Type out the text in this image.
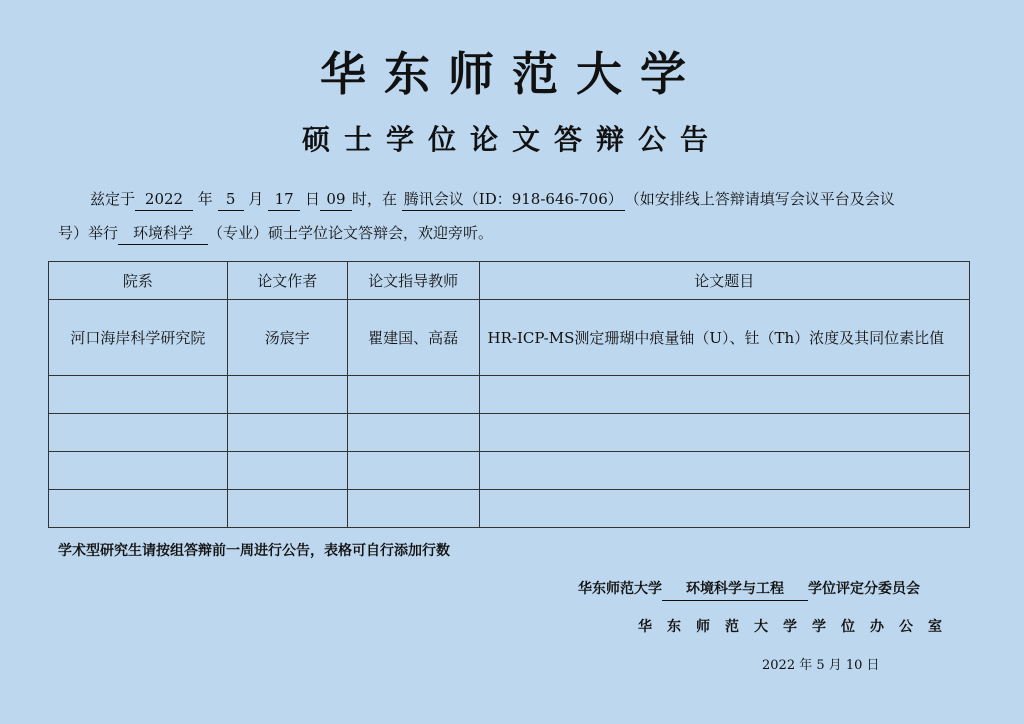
华东师范大学
硕士学位论文答辩公告
兹定于 2022 年 5 月 17 日 09 时，在 腾讯会议（ID：918-646-706） （如安排线上答辩请填写会议平台及会议
号）举行 环境科学 （专业）硕士学位论文答辩会，欢迎旁听。
院系	论文作者	论文指导教师	论文题目
河口海岸科学研究院	汤宸宇	瞿建国、高磊	HR-ICP-MS测定珊瑚中痕量铀（U）、钍（Th）浓度及其同位素比值

学术型研究生请按组答辩前一周进行公告，表格可自行添加行数
华东师范大学 环境科学与工程 学位评定分委员会
华东师范大学学位办公室
2022 年 5 月 10 日
